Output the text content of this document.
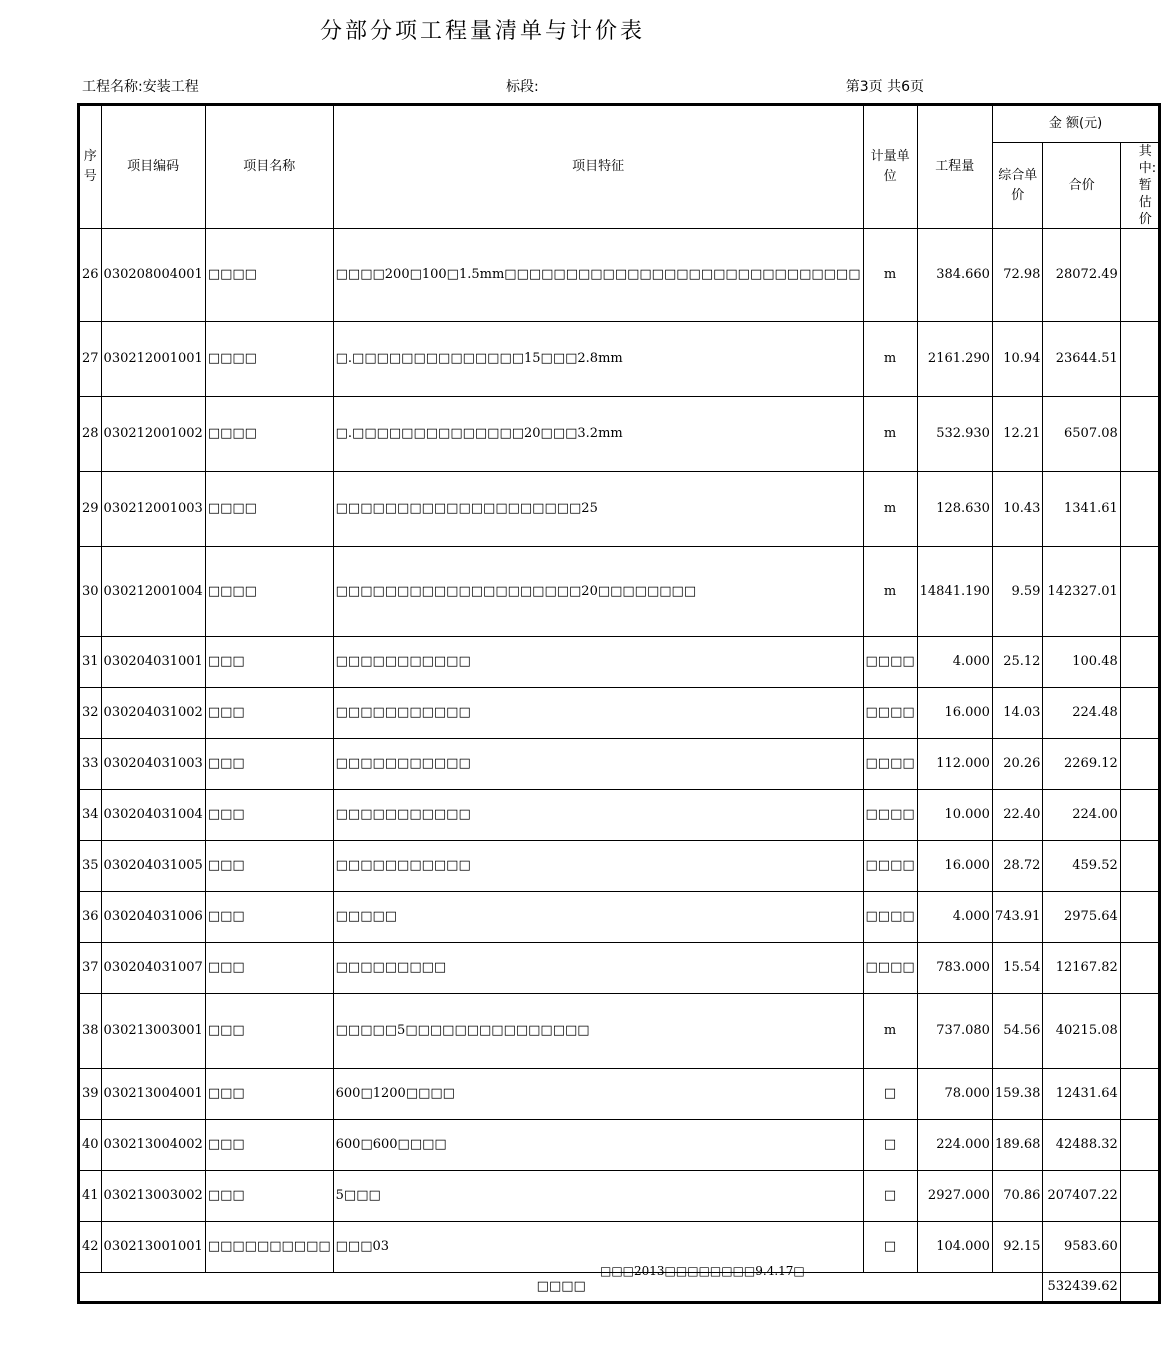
分部分项工程量清单与计价表
工程名称:安装工程	标段:	第3页 共6页
序号	项目编码	项目名称	项目特征	计量单位	工程量	金 额(元)		
						综合单价	合价	其中:暂估价
26	030208004001	□□□□	□□□□200□100□1.5mm□□□□□□□□□□□□□□□□□□□□□□□□□□□□□	m	384.660	72.98	28072.49	
27	030212001001	□□□□	□.□□□□□□□□□□□□□□15□□□2.8mm	m	2161.290	10.94	23644.51	
28	030212001002	□□□□	□.□□□□□□□□□□□□□□20□□□3.2mm	m	532.930	12.21	6507.08	
29	030212001003	□□□□	□□□□□□□□□□□□□□□□□□□□25	m	128.630	10.43	1341.61	
30	030212001004	□□□□	□□□□□□□□□□□□□□□□□□□□20□□□□□□□□	m	14841.190	9.59	142327.01	
31	030204031001	□□□	□□□□□□□□□□□	□□□□	4.000	25.12	100.48	
32	030204031002	□□□	□□□□□□□□□□□	□□□□	16.000	14.03	224.48	
33	030204031003	□□□	□□□□□□□□□□□	□□□□	112.000	20.26	2269.12	
34	030204031004	□□□	□□□□□□□□□□□	□□□□	10.000	22.40	224.00	
35	030204031005	□□□	□□□□□□□□□□□	□□□□	16.000	28.72	459.52	
36	030204031006	□□□	□□□□□	□□□□	4.000	743.91	2975.64	
37	030204031007	□□□	□□□□□□□□□	□□□□	783.000	15.54	12167.82	
38	030213003001	□□□	□□□□□5□□□□□□□□□□□□□□□	m	737.080	54.56	40215.08	
39	030213004001	□□□	600□1200□□□□	□	78.000	159.38	12431.64	
40	030213004002	□□□	600□600□□□□	□	224.000	189.68	42488.32	
41	030213003002	□□□	5□□□	□	2927.000	70.86	207407.22	
42	030213001001	□□□□□□□□□□	□□□03	□	104.000	92.15	9583.60	
□□□□							532439.62	
□□□2013□□□□□□□□9.4.17□
